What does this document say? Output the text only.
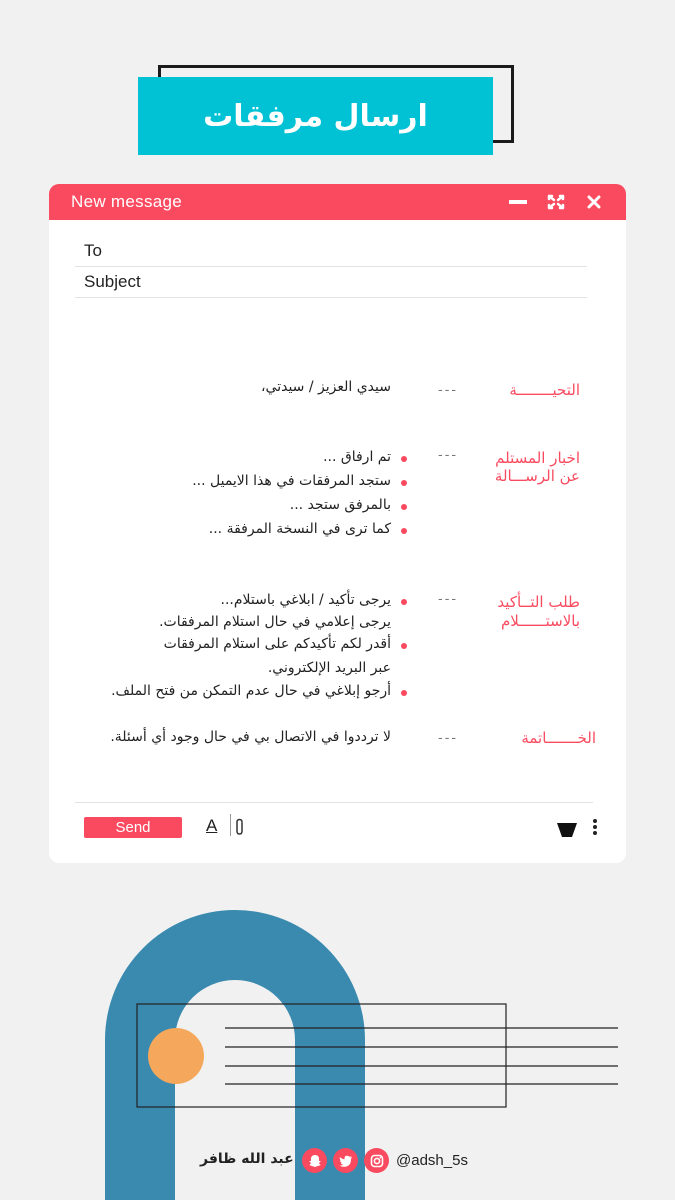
ارسال مرفقات
New message
To
Subject
التحيــــــــة
---
سيدي العزيز / سيدتي،
اخبار المستلم
عن الرســـالة
---
تم ارفاق ...
ستجد المرفقات في هذا الايميل ...
بالمرفق ستجد ...
كما ترى في النسخة المرفقة ...
طلب التــأكيد
بالاستــــــلام
---
يرجى تأكيد / ابلاغي باستلام...
يرجى إعلامي في حال استلام المرفقات.
أقدر لكم تأكيدكم على استلام المرفقات
عبر البريد الإلكتروني.
أرجو إبلاغي في حال عدم التمكن من فتح الملف.
الخـــــــاتمة
---
لا ترددوا في الاتصال بي في حال وجود أي أسئلة.
Send	A
عبد الله ظافر	@adsh_5s
